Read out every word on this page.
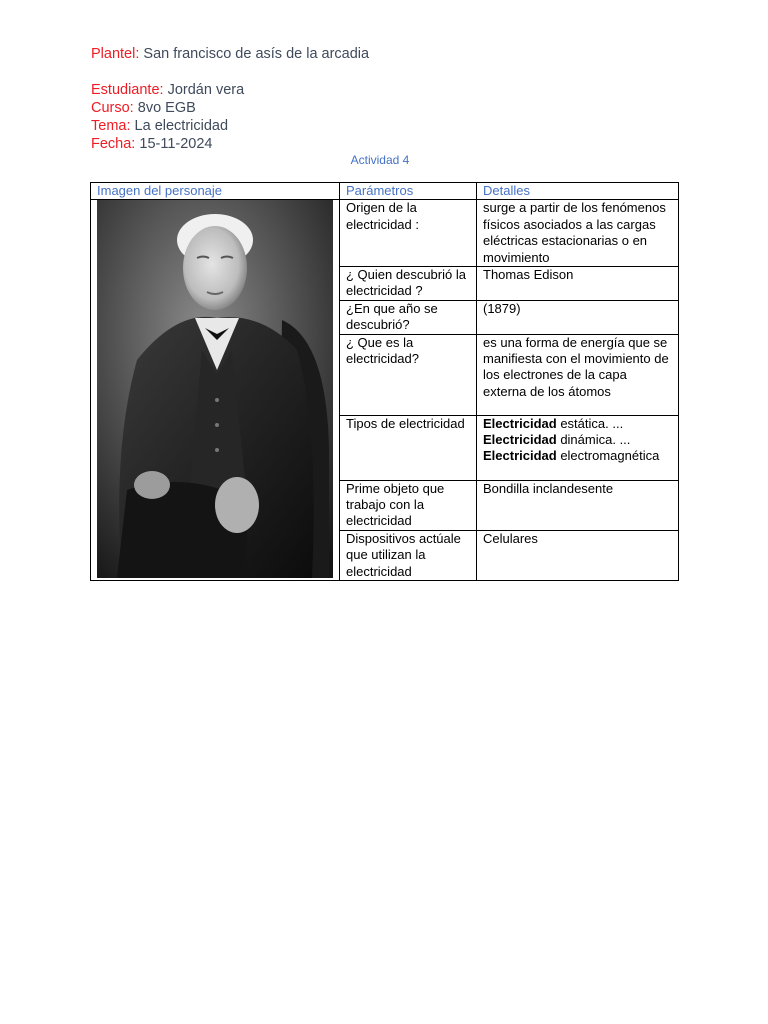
Plantel: San francisco de asís de la arcadia
Estudiante: Jordán vera
Curso: 8vo EGB
Tema: La electricidad
Fecha: 15-11-2024
Actividad 4
Imagen del personaje	Parámetros	Detalles

	Origen de la electricidad :	surge a partir de los fenómenos físicos asociados a las cargas eléctricas estacionarias o en movimiento
	¿ Quien descubrió la electricidad ?	Thomas Edison
	¿En que año se descubrió?	(1879)
	¿ Que es la electricidad?	es una forma de energía que se manifiesta con el movimiento de los electrones de la capa externa de los átomos
	Tipos de electricidad	Electricidad estática. ...
Electricidad dinámica. ...
Electricidad electromagnética

	Prime objeto que trabajo con la electricidad	Bondilla inclandesente
	Dispositivos actúale que utilizan la electricidad	Celulares
